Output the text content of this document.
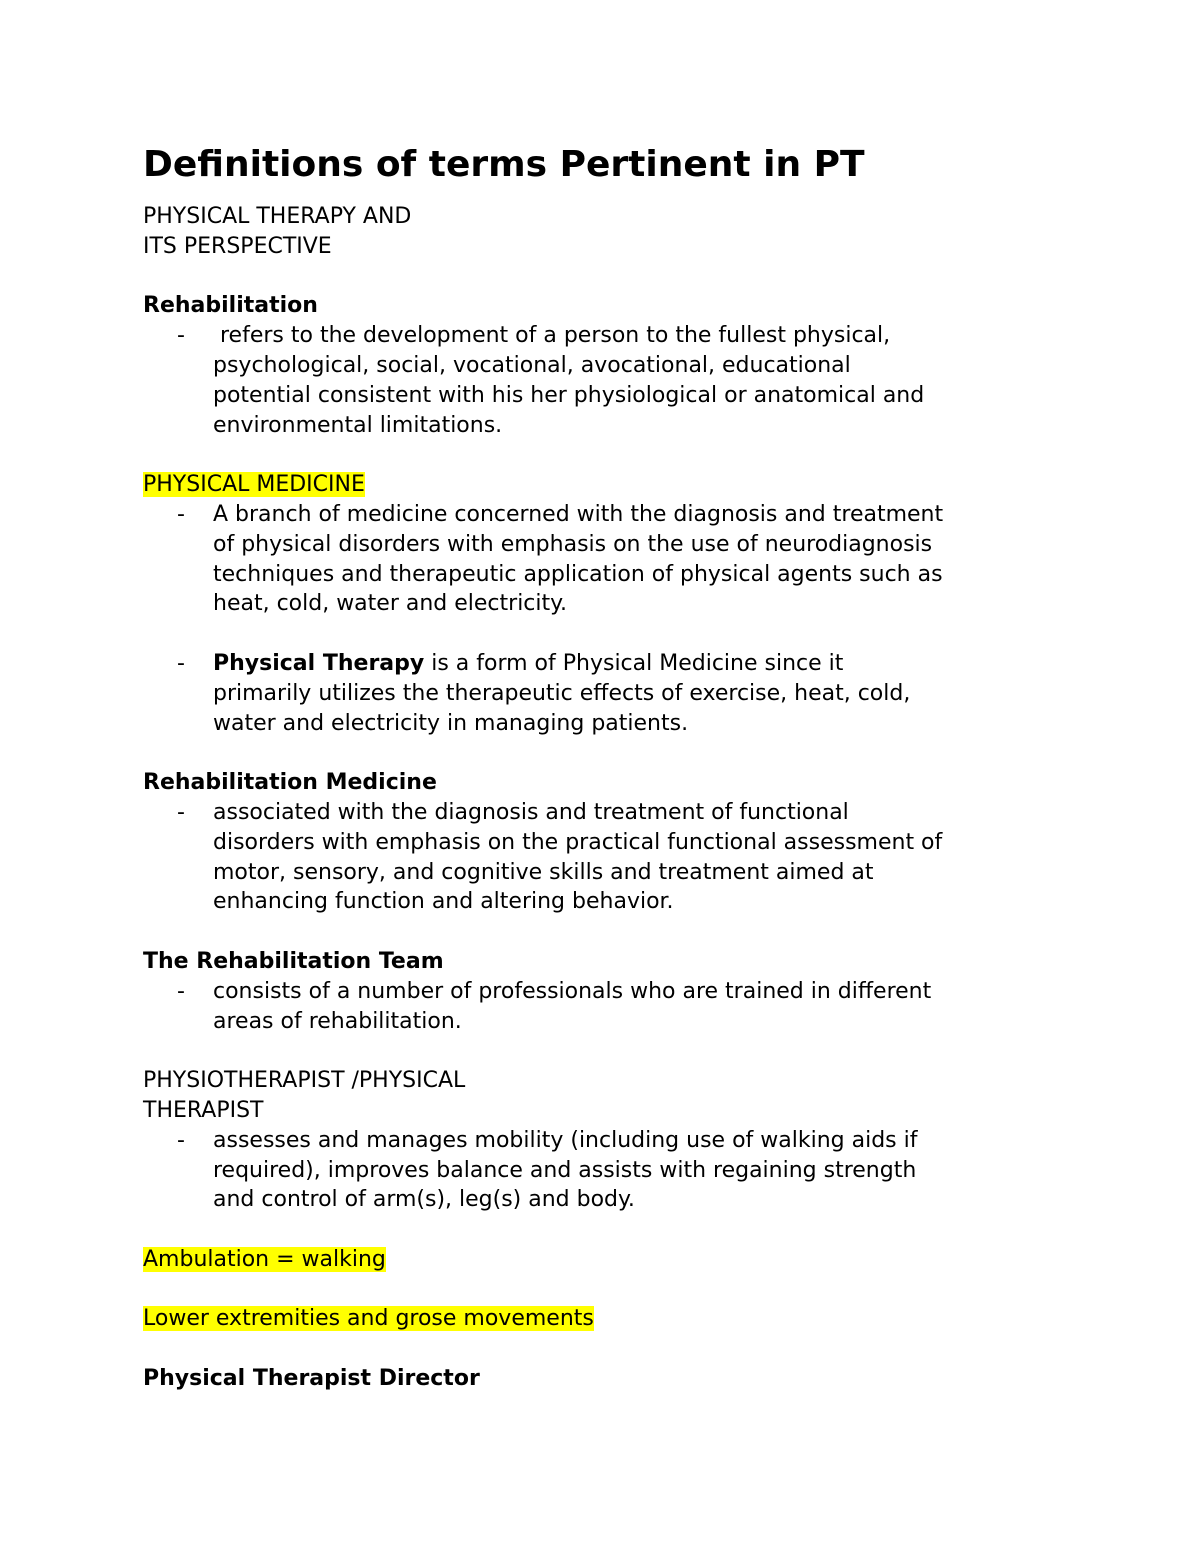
Definitions of terms Pertinent in PT
PHYSICAL THERAPY AND
ITS PERSPECTIVE
Rehabilitation
- refers to the development of a person to the fullest physical,
psychological, social, vocational, avocational, educational
potential consistent with his her physiological or anatomical and
environmental limitations.
PHYSICAL MEDICINE
- A branch of medicine concerned with the diagnosis and treatment
of physical disorders with emphasis on the use of neurodiagnosis
techniques and therapeutic application of physical agents such as
heat, cold, water and electricity.
- Physical Therapy is a form of Physical Medicine since it
primarily utilizes the therapeutic effects of exercise, heat, cold,
water and electricity in managing patients.
Rehabilitation Medicine
- associated with the diagnosis and treatment of functional
disorders with emphasis on the practical functional assessment of
motor, sensory, and cognitive skills and treatment aimed at
enhancing function and altering behavior.
The Rehabilitation Team
- consists of a number of professionals who are trained in different
areas of rehabilitation.
PHYSIOTHERAPIST /PHYSICAL
THERAPIST
- assesses and manages mobility (including use of walking aids if
required), improves balance and assists with regaining strength
and control of arm(s), leg(s) and body.
Ambulation = walking
Lower extremities and grose movements
Physical Therapist Director
